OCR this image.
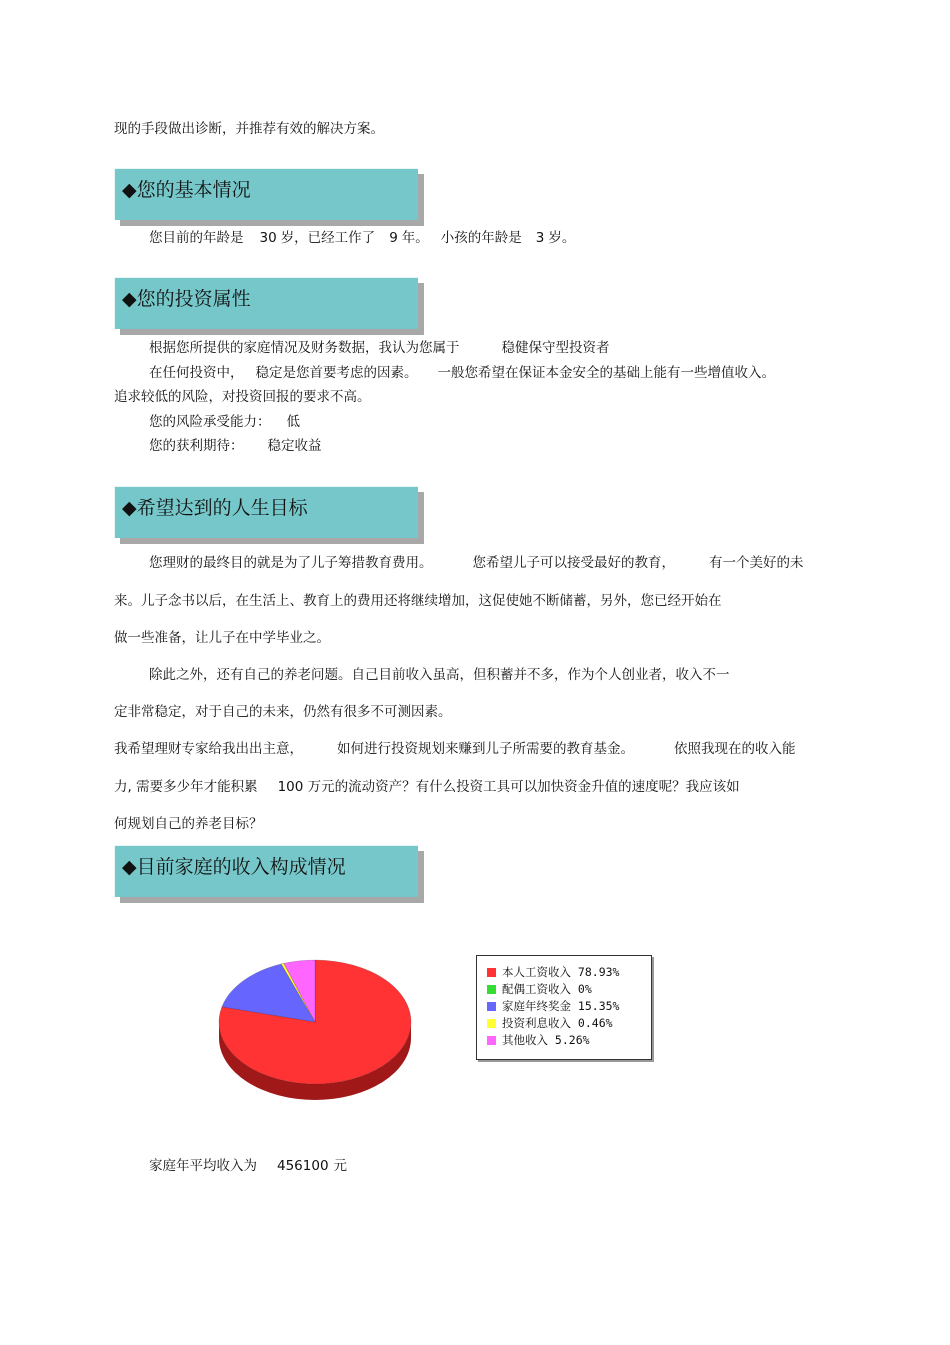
现的手段做出诊断，并推荐有效的解决方案。
◆您的基本情况
您目前的年龄是 30 岁，已经工作了 9 年。 小孩的年龄是 3 岁。
◆您的投资属性
根据您所提供的家庭情况及财务数据，我认为您属于	稳健保守型投资者
在任何投资中， 稳定是您首要考虑的因素。 一般您希望在保证本金安全的基础上能有一些增值收入。
追求较低的风险，对投资回报的要求不高。
您的风险承受能力： 低
您的获利期待： 稳定收益
◆希望达到的人生目标
您理财的最终目的就是为了儿子筹措教育费用。	您希望儿子可以接受最好的教育，	有一个美好的未
来。儿子念书以后，在生活上、教育上的费用还将继续增加，这促使她不断储蓄，另外，您已经开始在
做一些准备，让儿子在中学毕业之。
除此之外，还有自己的养老问题。自己目前收入虽高，但积蓄并不多，作为个人创业者，收入不一
定非常稳定，对于自己的未来，仍然有很多不可测因素。
我希望理财专家给我出出主意，	如何进行投资规划来赚到儿子所需要的教育基金。	依照我现在的收入能
力, 需要多少年才能积累 100 万元的流动资产？有什么投资工具可以加快资金升值的速度呢？我应该如
何规划自己的养老目标？
◆目前家庭的收入构成情况
本人工资收入 78.93%
配偶工资收入 0%
家庭年终奖金 15.35%
投资利息收入 0.46%
其他收入 5.26%
家庭年平均收入为 456100 元
